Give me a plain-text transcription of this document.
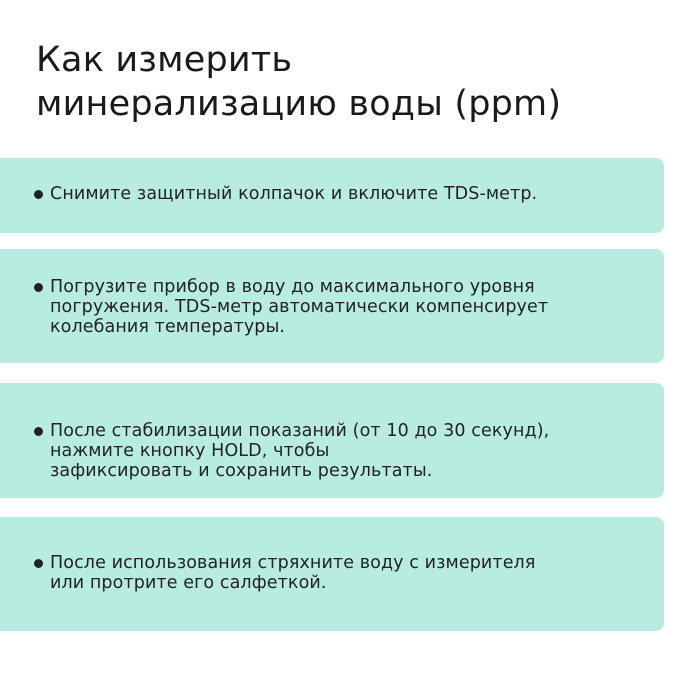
Как измерить
минерализацию воды (ppm)
Снимите защитный колпачок и включите TDS-метр.
Погрузите прибор в воду до максимального уровня
погружения. TDS-метр автоматически компенсирует
колебания температуры.
После стабилизации показаний (от 10 до 30 секунд),
нажмите кнопку HOLD, чтобы
зафиксировать и сохранить результаты.
После использования стряхните воду с измерителя
или протрите его салфеткой.
